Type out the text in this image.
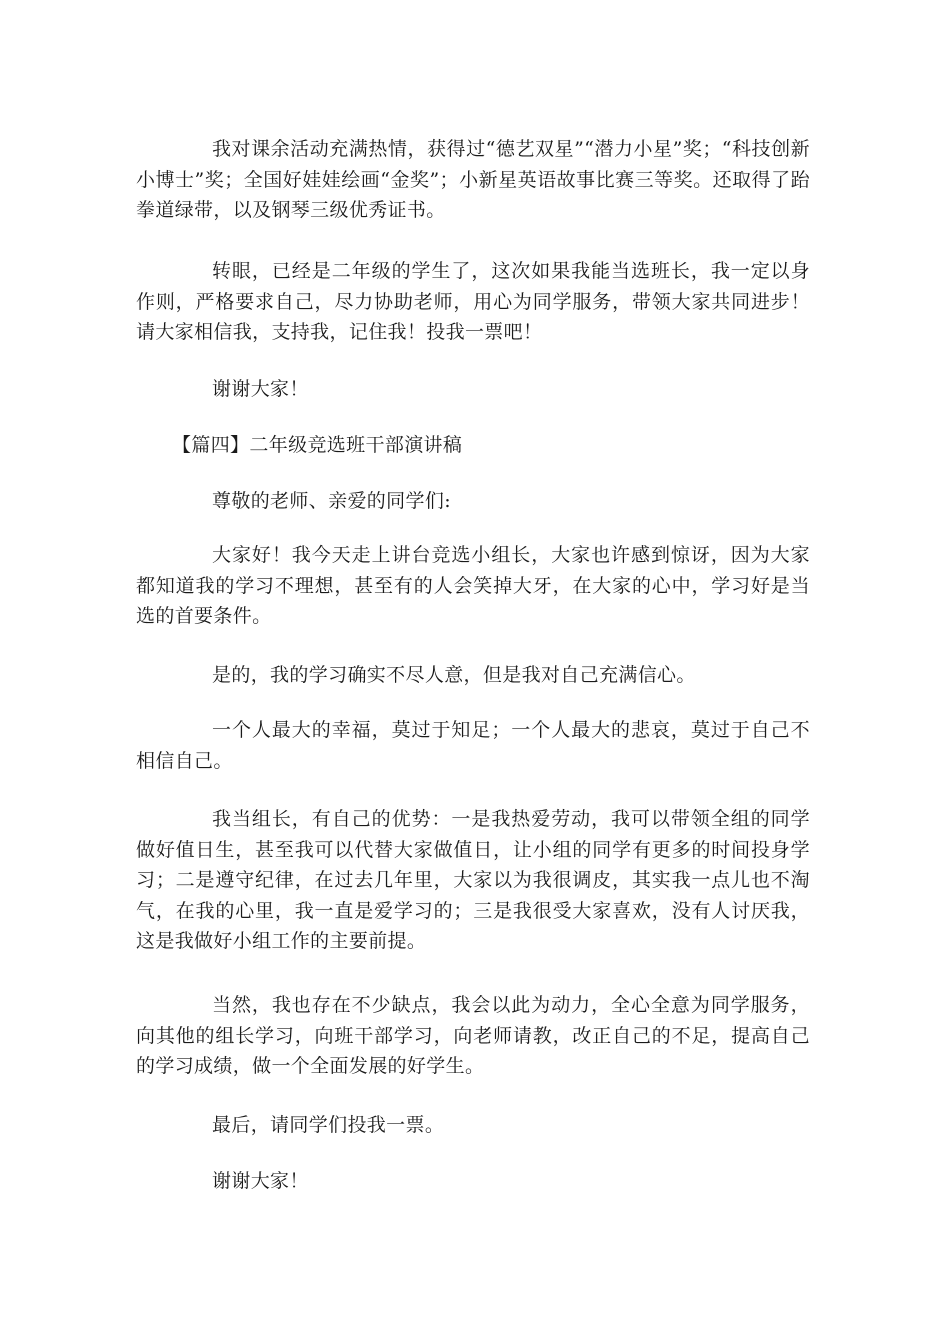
我对课余活动充满热情，获得过“德艺双星”“潜力小星”奖；“科技创新小博士”奖；全国好娃娃绘画“金奖”；小新星英语故事比赛三等奖。还取得了跆拳道绿带，以及钢琴三级优秀证书。

转眼，已经是二年级的学生了，这次如果我能当选班长，我一定以身作则，严格要求自己，尽力协助老师，用心为同学服务，带领大家共同进步！请大家相信我，支持我，记住我！投我一票吧！

谢谢大家！

【篇四】二年级竞选班干部演讲稿

尊敬的老师、亲爱的同学们:

大家好！我今天走上讲台竞选小组长，大家也许感到惊讶，因为大家都知道我的学习不理想，甚至有的人会笑掉大牙，在大家的心中，学习好是当选的首要条件。

是的，我的学习确实不尽人意，但是我对自己充满信心。

一个人最大的幸福，莫过于知足；一个人最大的悲哀，莫过于自己不相信自己。

我当组长，有自己的优势：一是我热爱劳动，我可以带领全组的同学做好值日生，甚至我可以代替大家做值日，让小组的同学有更多的时间投身学习；二是遵守纪律，在过去几年里，大家以为我很调皮，其实我一点儿也不淘气，在我的心里，我一直是爱学习的；三是我很受大家喜欢，没有人讨厌我，这是我做好小组工作的主要前提。

当然，我也存在不少缺点，我会以此为动力，全心全意为同学服务，向其他的组长学习，向班干部学习，向老师请教，改正自己的不足，提高自己的学习成绩，做一个全面发展的好学生。

最后，请同学们投我一票。

谢谢大家！
